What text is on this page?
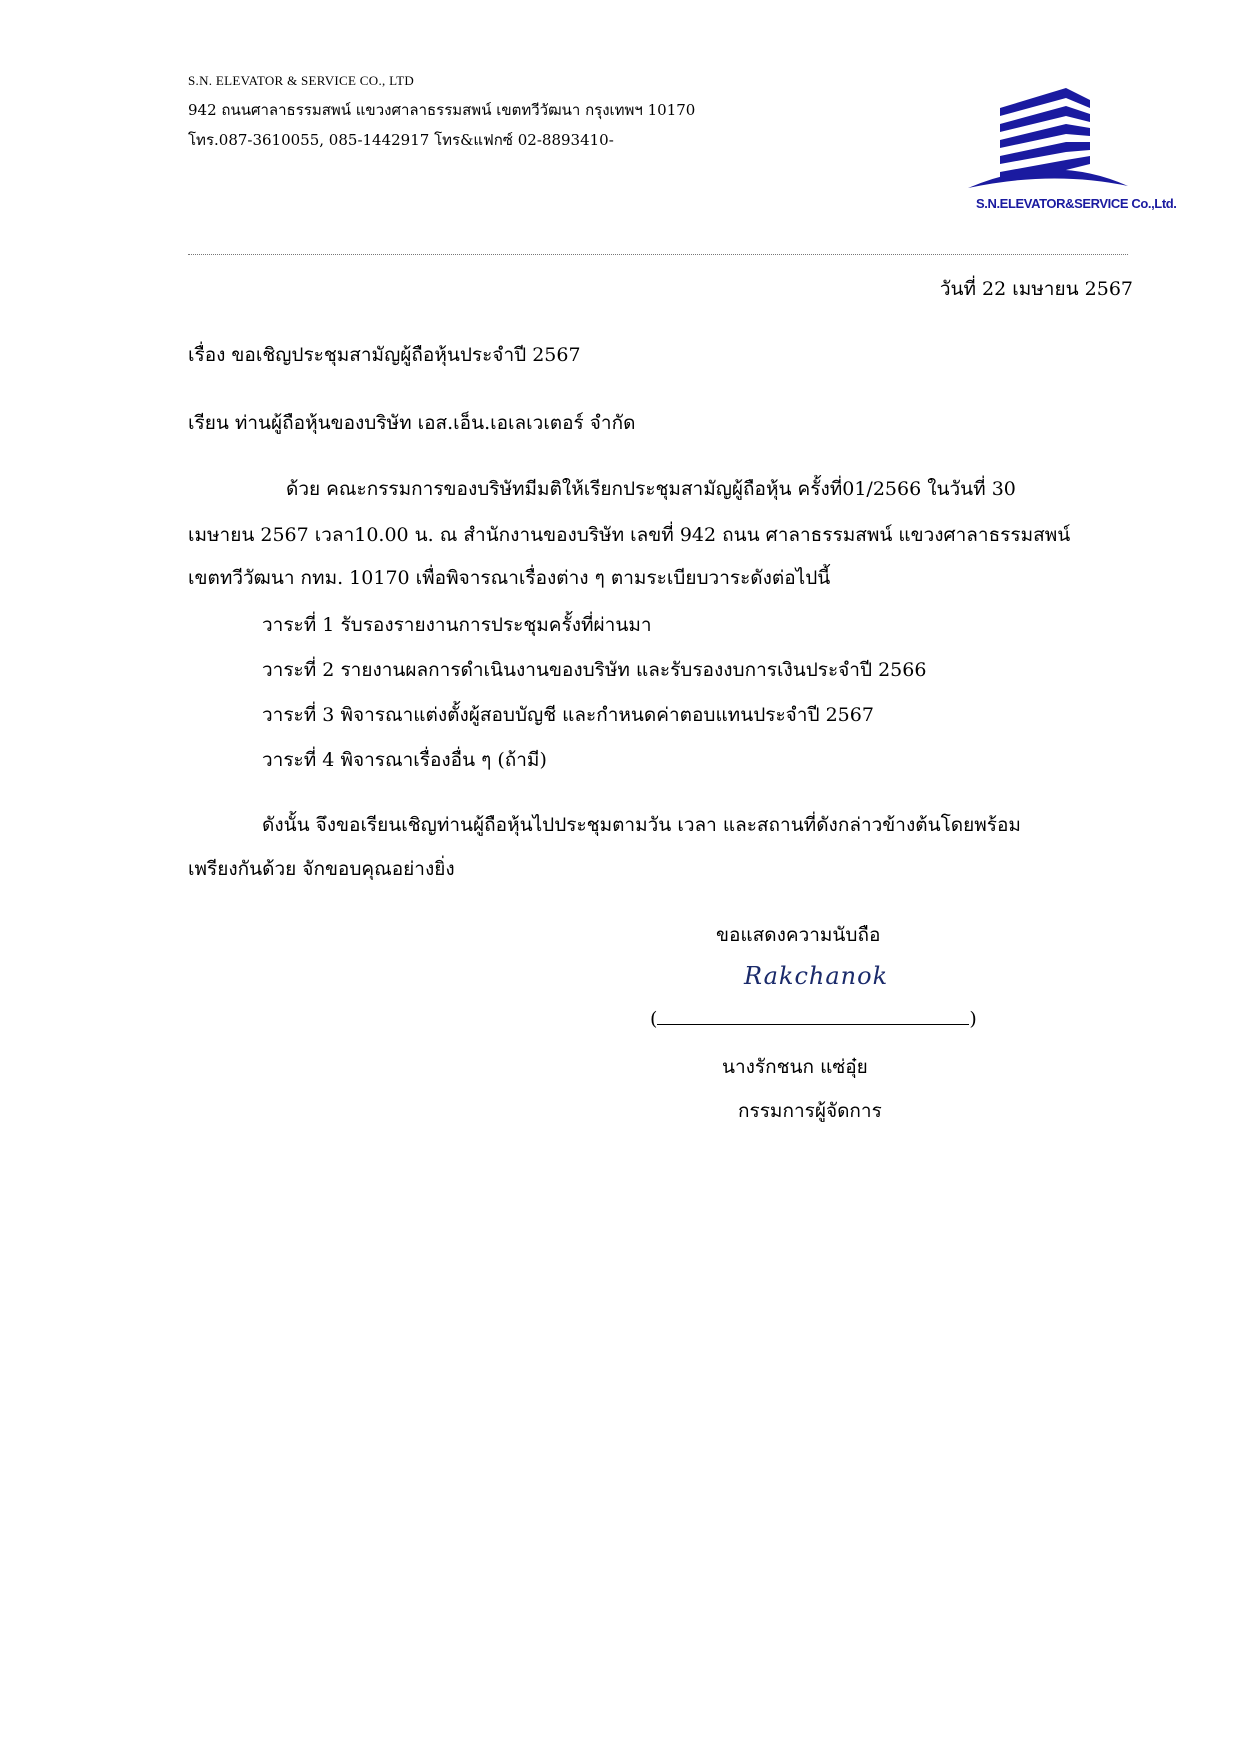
S.N. ELEVATOR & SERVICE CO., LTD
942 ถนนศาลาธรรมสพน์ แขวงศาลาธรรมสพน์ เขตทวีวัฒนา กรุงเทพฯ 10170
โทร.087-3610055, 085-1442917 โทร&แฟกซ์ 02-8893410-
S.N.ELEVATOR&SERVICE Co.,Ltd.
วันที่ 22 เมษายน 2567
เรื่อง ขอเชิญประชุมสามัญผู้ถือหุ้นประจำปี 2567
เรียน ท่านผู้ถือหุ้นของบริษัท เอส.เอ็น.เอเลเวเตอร์ จำกัด
ด้วย คณะกรรมการของบริษัทมีมติให้เรียกประชุมสามัญผู้ถือหุ้น ครั้งที่01/2566 ในวันที่ 30
เมษายน 2567 เวลา10.00 น. ณ สำนักงานของบริษัท เลขที่ 942 ถนน ศาลาธรรมสพน์ แขวงศาลาธรรมสพน์
เขตทวีวัฒนา กทม. 10170 เพื่อพิจารณาเรื่องต่าง ๆ ตามระเบียบวาระดังต่อไปนี้
วาระที่ 1 รับรองรายงานการประชุมครั้งที่ผ่านมา
วาระที่ 2 รายงานผลการดำเนินงานของบริษัท และรับรองงบการเงินประจำปี 2566
วาระที่ 3 พิจารณาแต่งตั้งผู้สอบบัญชี และกำหนดค่าตอบแทนประจำปี 2567
วาระที่ 4 พิจารณาเรื่องอื่น ๆ (ถ้ามี)
ดังนั้น จึงขอเรียนเชิญท่านผู้ถือหุ้นไปประชุมตามวัน เวลา และสถานที่ดังกล่าวข้างต้นโดยพร้อม
เพรียงกันด้วย จักขอบคุณอย่างยิ่ง
ขอแสดงความนับถือ
Rakchanok
(	)
นางรักชนก แซ่อุ๋ย
กรรมการผู้จัดการ
